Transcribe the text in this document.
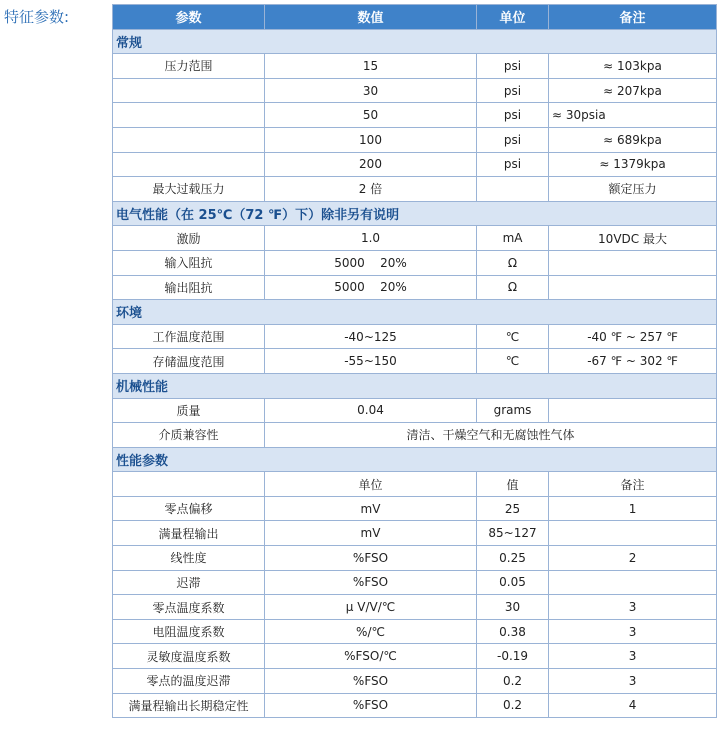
特征参数:	参数	数值	单位	备注
常规			
压力范围	15	psi	≈ 103kpa
	30	psi	≈ 207kpa
	50	psi	≈ 30psia
	100	psi	≈ 689kpa
	200	psi	≈ 1379kpa
最大过载压力	2 倍		额定压力
电气性能（在 25℃（72 ℉）下）除非另有说明			
激励	1.0	mA	10VDC 最大
输入阻抗	5000    20%	Ω	
输出阻抗	5000    20%	Ω	
环境			
工作温度范围	-40~125	℃	-40 ℉ ~ 257 ℉
存储温度范围	-55~150	℃	-67 ℉ ~ 302 ℉
机械性能			
质量	0.04	grams	
介质兼容性	清洁、干燥空气和无腐蚀性气体		
性能参数			
	单位	值	备注
零点偏移	mV	25	1
满量程输出	mV	85~127	
线性度	%FSO	0.25	2
迟滞	%FSO	0.05	
零点温度系数	μ V/V/℃	30	3
电阻温度系数	%/℃	0.38	3
灵敏度温度系数	%FSO/℃	-0.19	3
零点的温度迟滞	%FSO	0.2	3
满量程输出长期稳定性	%FSO	0.2	4
